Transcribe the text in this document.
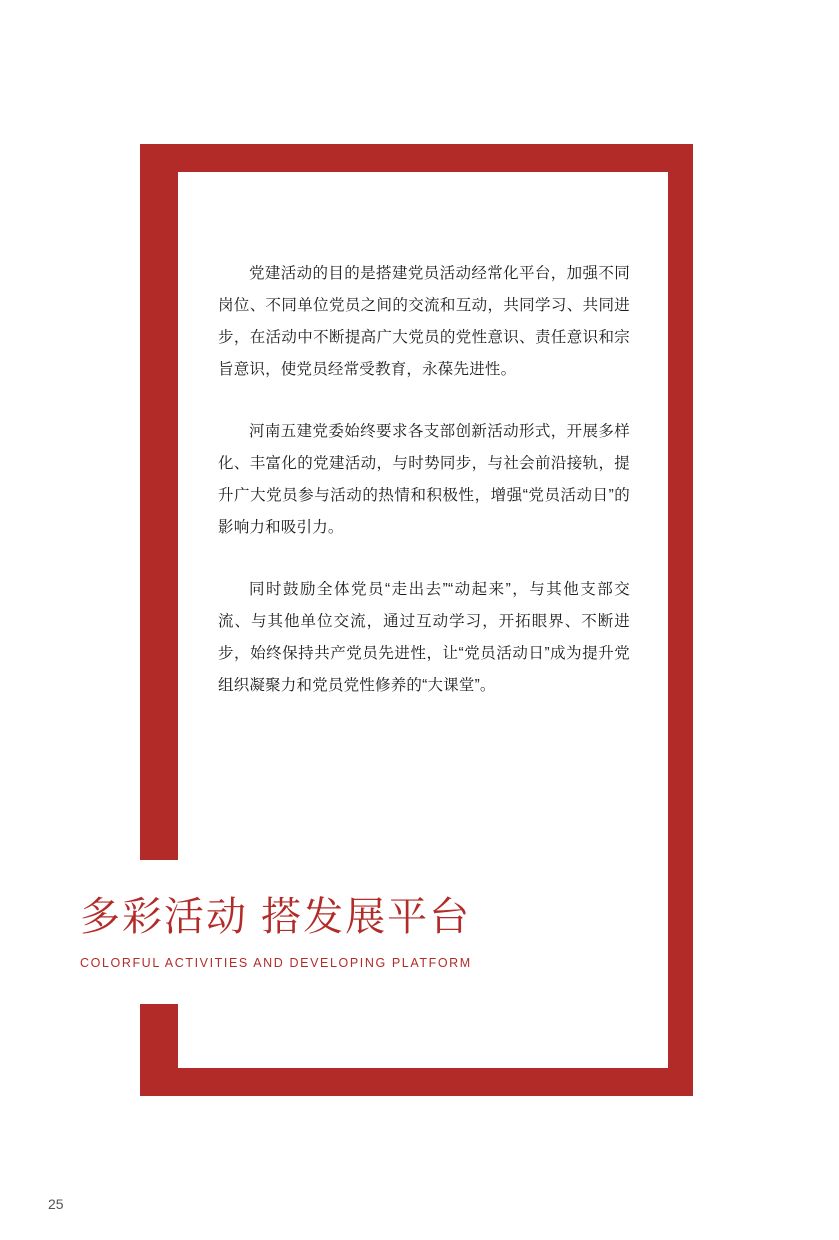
党建活动的目的是搭建党员活动经常化平台，加强不同岗位、不同单位党员之间的交流和互动，共同学习、共同进步，在活动中不断提高广大党员的党性意识、责任意识和宗旨意识，使党员经常受教育，永葆先进性。

河南五建党委始终要求各支部创新活动形式，开展多样化、丰富化的党建活动，与时势同步，与社会前沿接轨，提升广大党员参与活动的热情和积极性，增强“党员活动日”的影响力和吸引力。

同时鼓励全体党员“走出去”“动起来”，与其他支部交流、与其他单位交流，通过互动学习，开拓眼界、不断进步，始终保持共产党员先进性，让“党员活动日”成为提升党组织凝聚力和党员党性修养的“大课堂”。

多彩活动 搭发展平台

COLORFUL ACTIVITIES AND DEVELOPING PLATFORM

25
